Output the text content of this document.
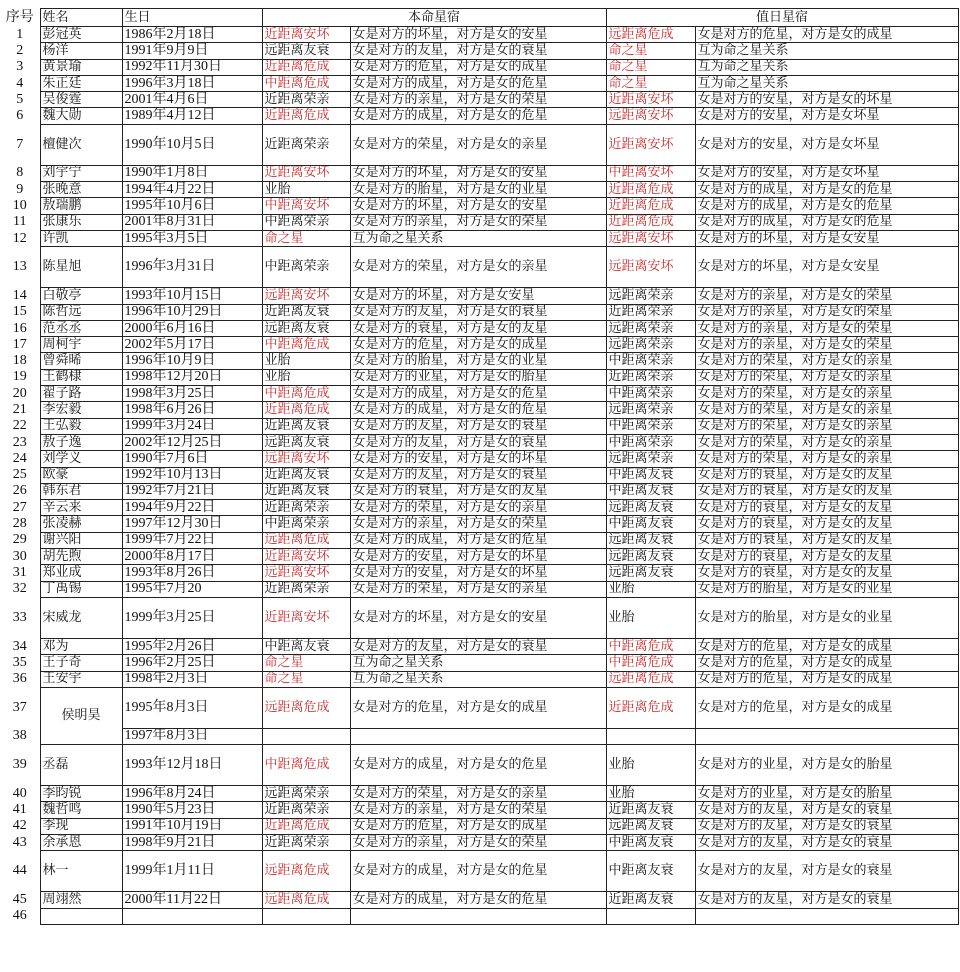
序号	姓名	生日	本命星宿		值日星宿	
1	彭冠英	1986年2月18日	近距离安坏	女是对方的坏星，对方是女的安星	远距离危成	女是对方的危星，对方是女的成星
2	杨洋	1991年9月9日	远距离友衰	女是对方的友星，对方是女的衰星	命之星	互为命之星关系
3	黄景瑜	1992年11月30日	近距离危成	女是对方的危星，对方是女的成星	命之星	互为命之星关系
4	朱正廷	1996年3月18日	中距离危成	女是对方的成星，对方是女的危星	命之星	互为命之星关系
5	吴俊霆	2001年4月6日	近距离荣亲	女是对方的亲星，对方是女的荣星	近距离安坏	女是对方的安星，对方是女的坏星
6	魏大勋	1989年4月12日	近距离危成	女是对方的成星，对方是女的危星	远距离安坏	女是对方的安星，对方是女坏星
7	檀健次	1990年10月5日	近距离荣亲	女是对方的荣星，对方是女的亲星	近距离安坏	女是对方的安星，对方是女坏星
8	刘宇宁	1990年1月8日	近距离安坏	女是对方的坏星，对方是女的安星	中距离安坏	女是对方的安星，对方是女坏星
9	张晚意	1994年4月22日	业胎	女是对方的胎星，对方是女的业星	近距离危成	女是对方的成星，对方是女的危星
10	敖瑞鹏	1995年10月6日	中距离安坏	女是对方的坏星，对方是女的安星	近距离危成	女是对方的成星，对方是女的危星
11	张康乐	2001年8月31日	中距离荣亲	女是对方的亲星，对方是女的荣星	近距离危成	女是对方的成星，对方是女的危星
12	许凯	1995年3月5日	命之星	互为命之星关系	远距离安坏	女是对方的坏星，对方是女安星
13	陈星旭	1996年3月31日	中距离荣亲	女是对方的荣星，对方是女的亲星	远距离安坏	女是对方的坏星，对方是女安星
14	白敬亭	1993年10月15日	远距离安坏	女是对方的坏星，对方是女安星	远距离荣亲	女是对方的亲星，对方是女的荣星
15	陈哲远	1996年10月29日	近距离友衰	女是对方的友星，对方是女的衰星	近距离荣亲	女是对方的亲星，对方是女的荣星
16	范丞丞	2000年6月16日	远距离友衰	女是对方的衰星，对方是女的友星	远距离荣亲	女是对方的亲星，对方是女的荣星
17	周柯宇	2002年5月17日	中距离危成	女是对方的危星，对方是女的成星	远距离荣亲	女是对方的亲星，对方是女的荣星
18	曾舜晞	1996年10月9日	业胎	女是对方的胎星，对方是女的业星	中距离荣亲	女是对方的荣星，对方是女的亲星
19	王鹤棣	1998年12月20日	业胎	女是对方的业星，对方是女的胎星	近距离荣亲	女是对方的荣星，对方是女的亲星
20	翟子路	1998年3月25日	中距离危成	女是对方的成星，对方是女的危星	中距离荣亲	女是对方的荣星，对方是女的亲星
21	李宏毅	1998年6月26日	近距离危成	女是对方的成星，对方是女的危星	远距离荣亲	女是对方的荣星，对方是女的亲星
22	王弘毅	1999年3月24日	近距离友衰	女是对方的友星，对方是女的衰星	中距离荣亲	女是对方的荣星，对方是女的亲星
23	敖子逸	2002年12月25日	远距离友衰	女是对方的友星，对方是女的衰星	中距离荣亲	女是对方的荣星，对方是女的亲星
24	刘学义	1990年7月6日	远距离安坏	女是对方的安星，对方是女的坏星	远距离荣亲	女是对方的荣星，对方是女的亲星
25	欧豪	1992年10月13日	近距离友衰	女是对方的友星，对方是女的衰星	中距离友衰	女是对方的衰星，对方是女的友星
26	韩东君	1992年7月21日	近距离友衰	女是对方的衰星，对方是女的友星	中距离友衰	女是对方的衰星，对方是女的友星
27	辛云来	1994年9月22日	近距离荣亲	女是对方的荣星，对方是女的亲星	远距离友衰	女是对方的衰星，对方是女的友星
28	张凌赫	1997年12月30日	中距离荣亲	女是对方的亲星，对方是女的荣星	中距离友衰	女是对方的衰星，对方是女的友星
29	谢兴阳	1999年7月22日	远距离危成	女是对方的成星，对方是女的危星	远距离友衰	女是对方的衰星，对方是女的友星
30	胡先煦	2000年8月17日	近距离安坏	女是对方的安星，对方是女的坏星	远距离友衰	女是对方的衰星，对方是女的友星
31	郑业成	1993年8月26日	远距离安坏	女是对方的安星，对方是女的坏星	远距离友衰	女是对方的衰星，对方是女的友星
32	丁禹锡	1995年7月20	近距离荣亲	女是对方的荣星，对方是女的亲星	业胎	女是对方的胎星，对方是女的业星
33	宋威龙	1999年3月25日	近距离安坏	女是对方的坏星，对方是女的安星	业胎	女是对方的胎星，对方是女的业星
34	邓为	1995年2月26日	中距离友衰	女是对方的友星，对方是女的衰星	中距离危成	女是对方的危星，对方是女的成星
35	王子奇	1996年2月25日	命之星	互为命之星关系	中距离危成	女是对方的危星，对方是女的成星
36	王安宇	1998年2月3日	命之星	互为命之星关系	远距离危成	女是对方的危星，对方是女的成星
37	侯明昊	1995年8月3日	远距离危成	女是对方的危星，对方是女的成星	近距离危成	女是对方的危星，对方是女的成星
38		1997年8月3日				
39	丞磊	1993年12月18日	中距离危成	女是对方的成星，对方是女的危星	业胎	女是对方的业星，对方是女的胎星
40	李昀锐	1996年8月24日	远距离荣亲	女是对方的荣星，对方是女的亲星	业胎	女是对方的业星，对方是女的胎星
41	魏哲鸣	1990年5月23日	近距离荣亲	女是对方的亲星，对方是女的荣星	近距离友衰	女是对方的友星，对方是女的衰星
42	李现	1991年10月19日	近距离危成	女是对方的危星，对方是女的成星	远距离友衰	女是对方的友星，对方是女的衰星
43	余承恩	1998年9月21日	近距离荣亲	女是对方的亲星，对方是女的荣星	中距离友衰	女是对方的友星，对方是女的衰星
44	林一	1999年1月11日	远距离危成	女是对方的成星，对方是女的危星	中距离友衰	女是对方的友星，对方是女的衰星
45	周翊然	2000年11月22日	远距离危成	女是对方的成星，对方是女的危星	近距离友衰	女是对方的友星，对方是女的衰星
46						
